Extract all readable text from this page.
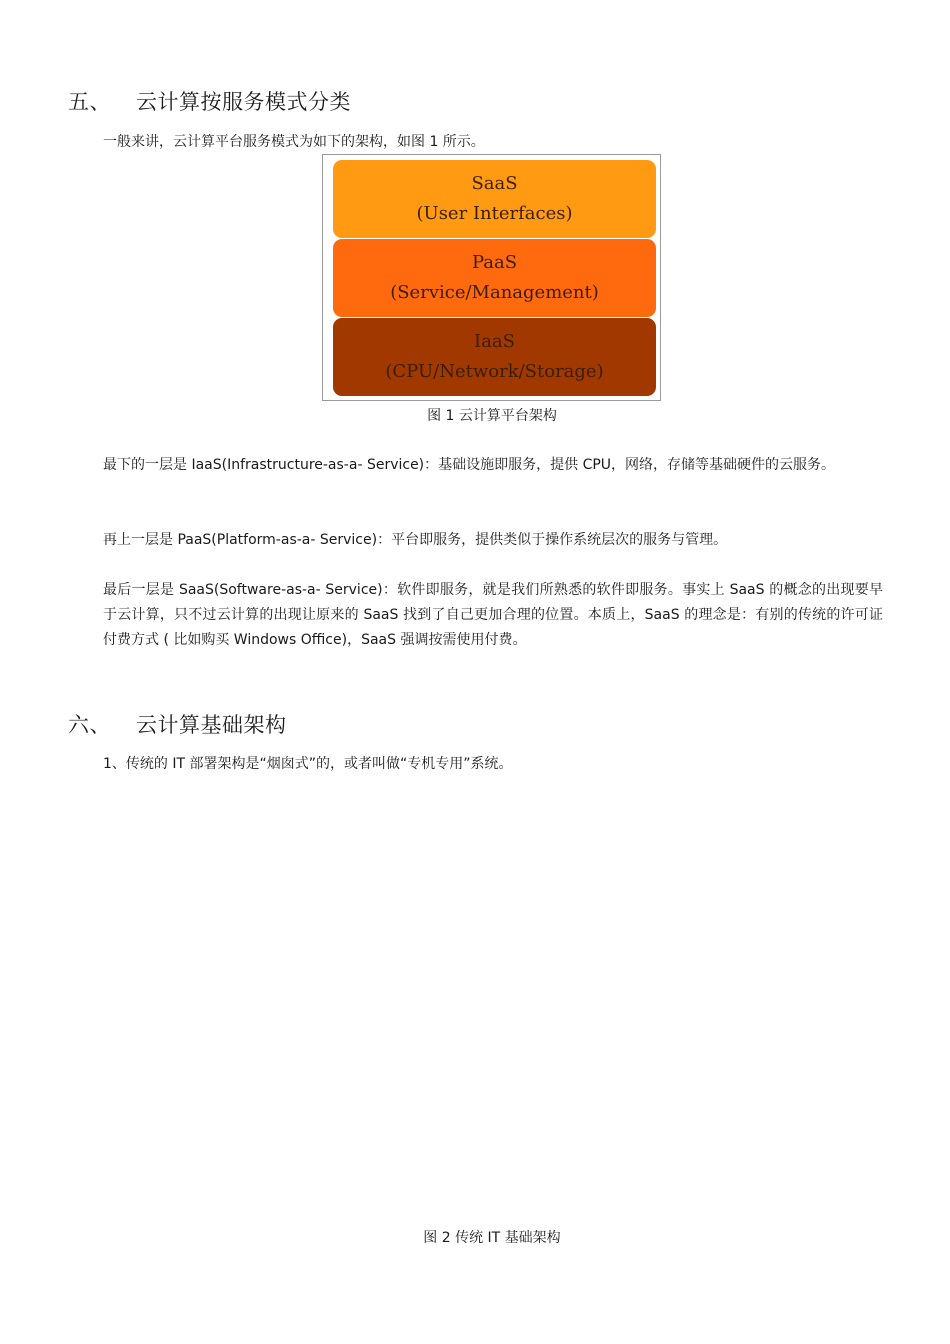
五、 云计算按服务模式分类
一般来讲，云计算平台服务模式为如下的架构，如图 1 所示。
SaaS
(User Interfaces)
PaaS
(Service/Management)
IaaS
(CPU/Network/Storage)
图 1 云计算平台架构
最下的一层是 IaaS(Infrastructure-as-a- Service)：基础设施即服务，提供 CPU，网络，存储等基础硬件的云服务。
再上一层是 PaaS(Platform-as-a- Service)：平台即服务，提供类似于操作系统层次的服务与管理。
最后一层是 SaaS(Software-as-a- Service)：软件即服务，就是我们所熟悉的软件即服务。事实上 SaaS 的概念的出现要早于云计算，只不过云计算的出现让原来的 SaaS 找到了自己更加合理的位置。本质上，SaaS 的理念是：有别的传统的许可证付费方式 ( 比如购买 Windows Office)，SaaS 强调按需使用付费。
六、 云计算基础架构
1、传统的 IT 部署架构是“烟囱式”的，或者叫做“专机专用”系统。
图 2 传统 IT 基础架构
